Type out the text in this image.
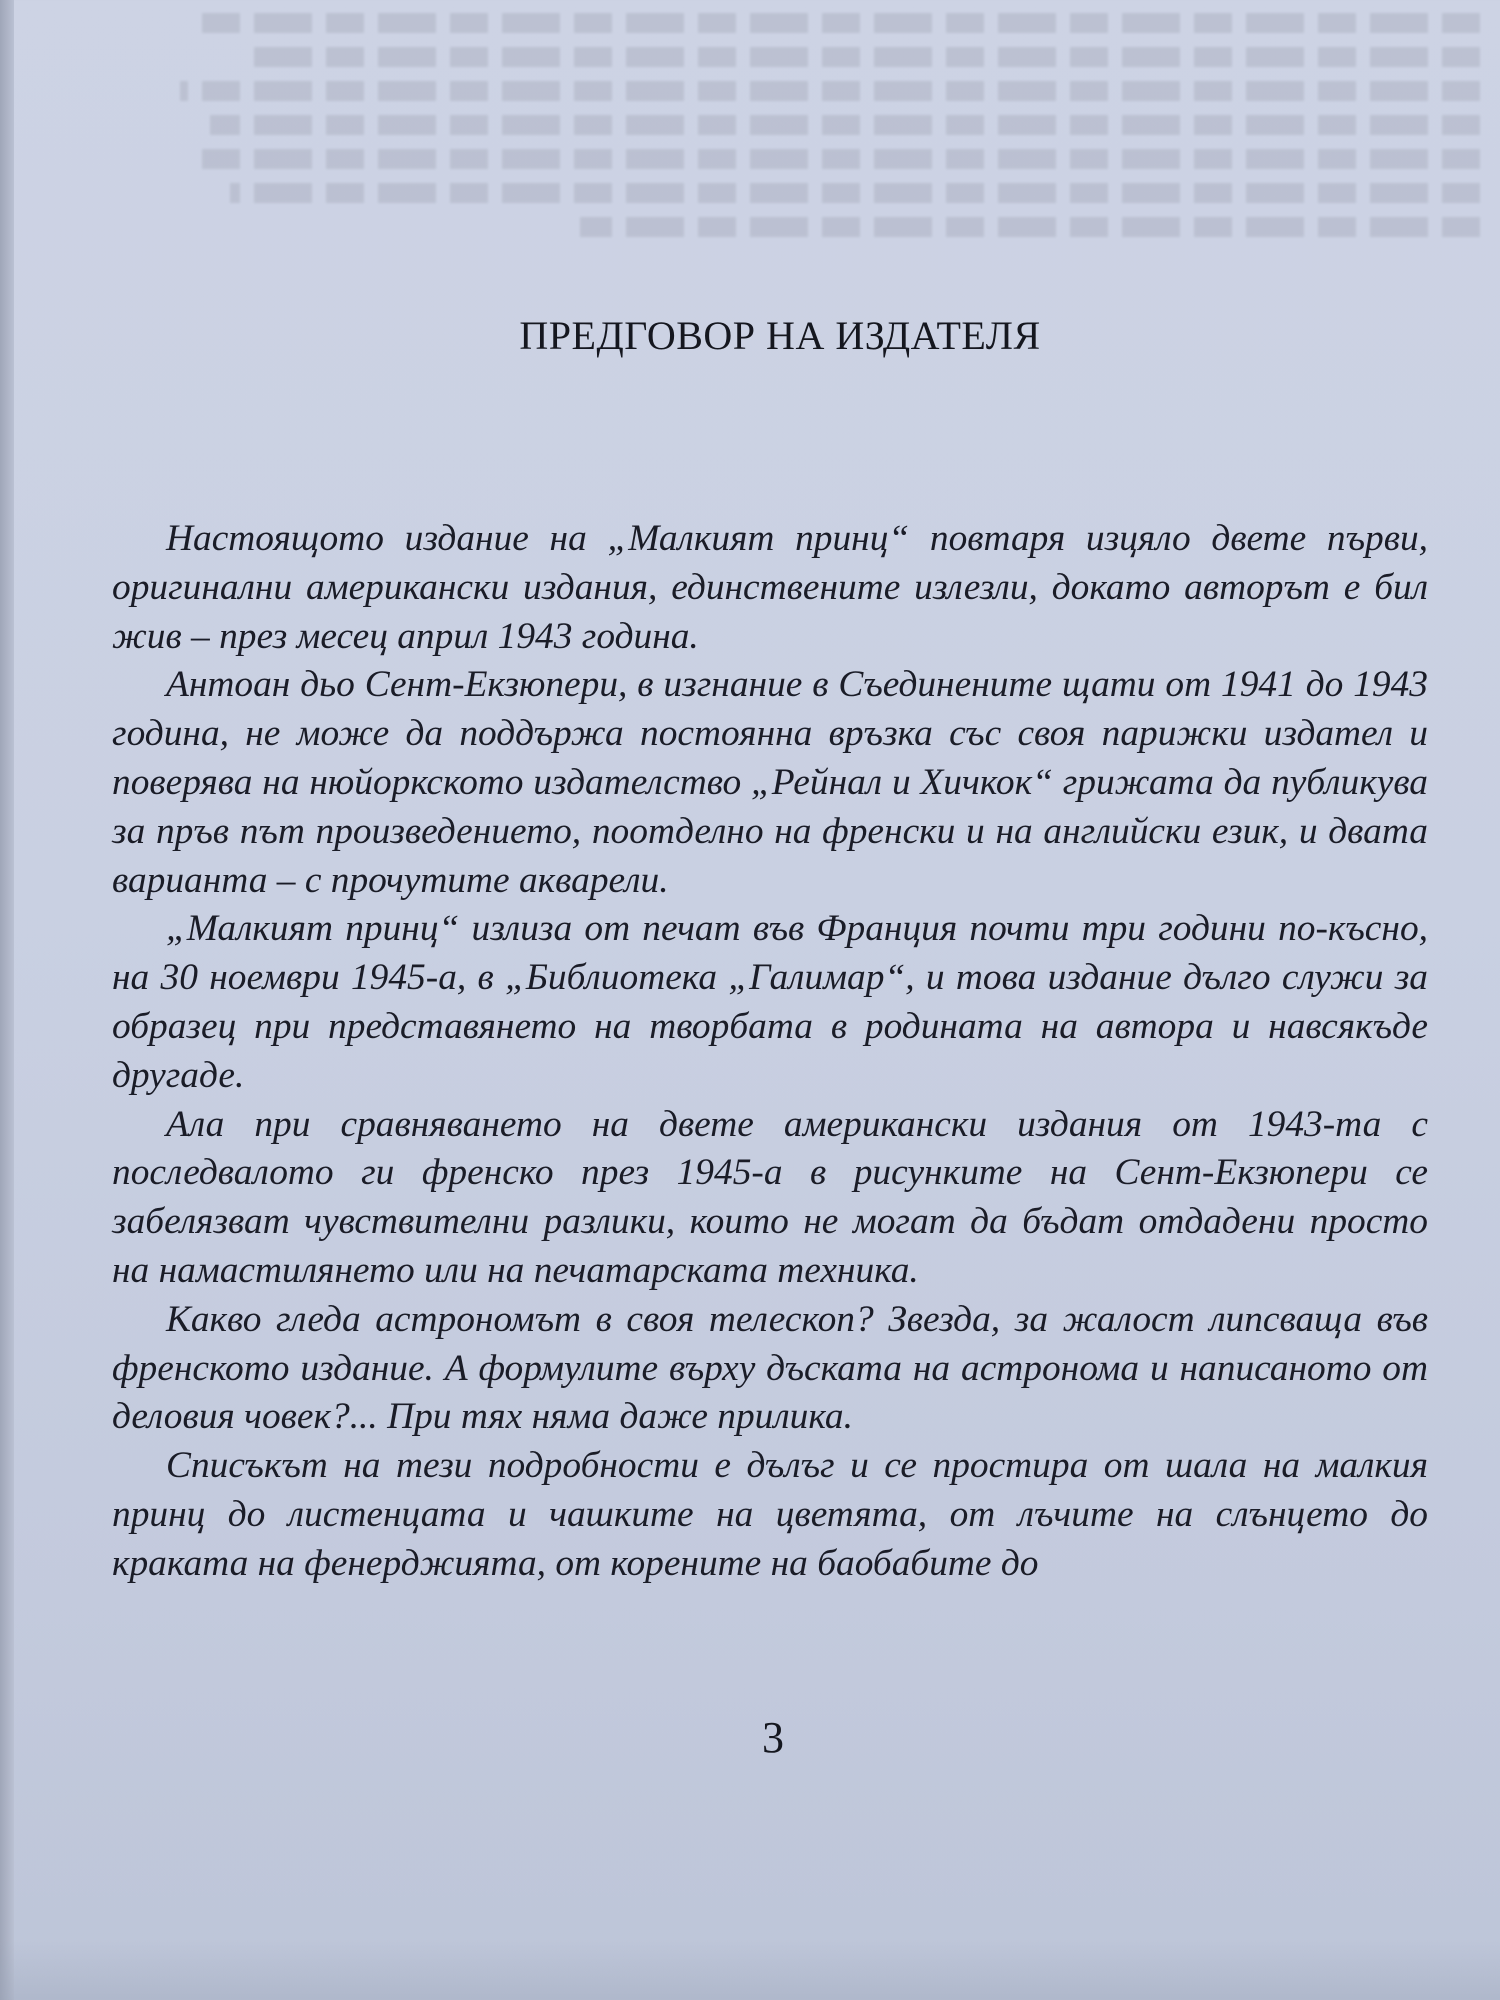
ПРЕДГОВОР НА ИЗДАТЕЛЯ

Настоящото издание на „Малкият принц“ повтаря изцяло двете първи, оригинални американски издания, единствените излезли, докато авторът е бил жив – през месец април 1943 година.

Антоан дьо Сент-Екзюпери, в изгнание в Съединените щати от 1941 до 1943 година, не може да поддържа постоянна връзка със своя парижки издател и поверява на нюйоркското издателство „Рейнал и Хичкок“ грижата да публикува за пръв път произведението, поотделно на френски и на английски език, и двата варианта – с прочутите акварели.

„Малкият принц“ излиза от печат във Франция почти три години по-късно, на 30 ноември 1945-а, в „Библиотека „Галимар“, и това издание дълго служи за образец при представянето на творбата в родината на автора и навсякъде другаде.

Ала при сравняването на двете американски издания от 1943-та с последвалото ги френско през 1945-а в рисунките на Сент-Екзюпери се забелязват чувствителни разлики, които не могат да бъдат отдадени просто на намастилянето или на печатарската техника.

Какво гледа астрономът в своя телескоп? Звезда, за жалост липсваща във френското издание. А формулите върху дъската на астронома и написаното от деловия човек?... При тях няма даже прилика.

Списъкът на тези подробности е дълъг и се простира от шала на малкия принц до листенцата и чашките на цветята, от лъчите на слънцето до краката на фенерджията, от корените на баобабите до

3
